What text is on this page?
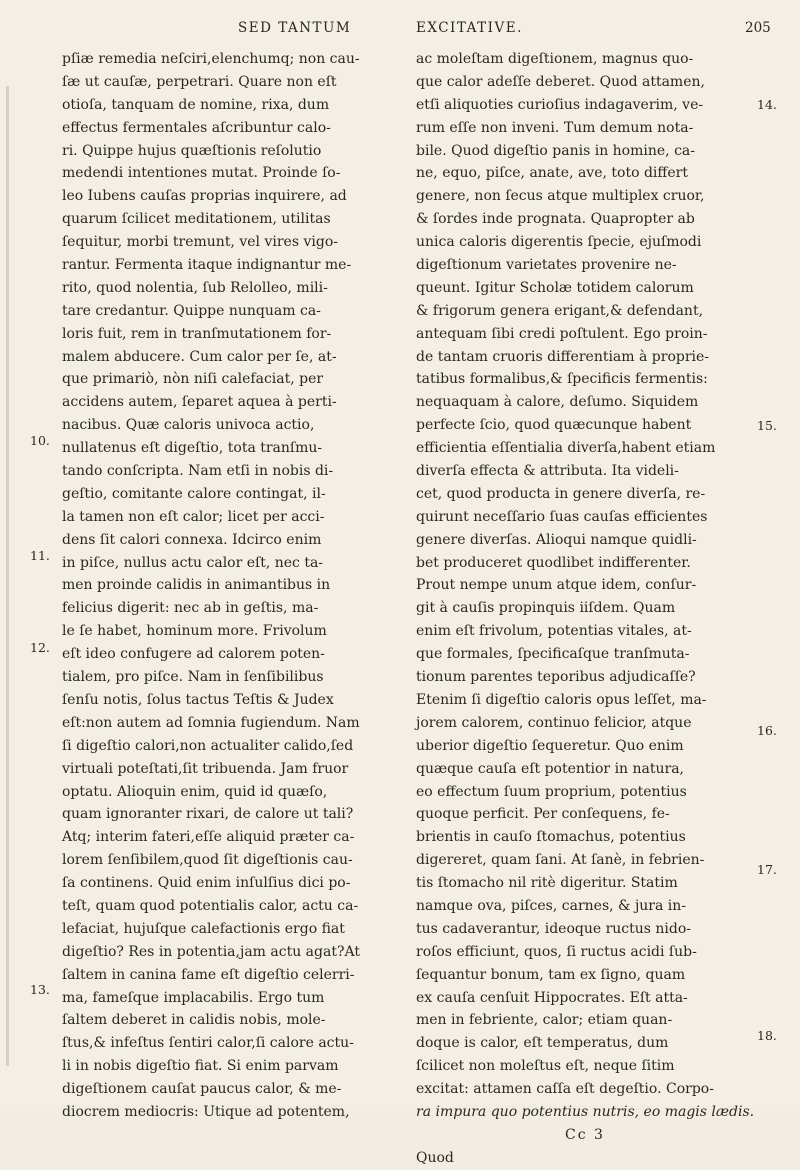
SED TANTUM	EXCITATIVE.	205
pſiæ remedia neſciri,elenchumq; non cau-
ſæ ut cauſæ, perpetrari. Quare non eſt
otioſa, tanquam de nomine, rixa, dum
effectus fermentales aſcribuntur calo-
ri. Quippe hujus quæſtionis reſolutio
medendi intentiones mutat. Proinde ſo-
leo Iubens cauſas proprias inquirere, ad
quarum ſcilicet meditationem, utilitas
ſequitur, morbi tremunt, vel vires vigo-
rantur. Fermenta itaque indignantur me-
rito, quod nolentia, ſub Relolleo, mili-
tare credantur. Quippe nunquam ca-
loris fuit, rem in tranſmutationem for-
malem abducere. Cum calor per ſe, at-
que primariò, nòn niſi calefaciat, per
accidens autem, ſeparet aquea à perti-
nacibus. Quæ caloris univoca actio,
nullatenus eſt digeſtio, tota tranſmu-
tando conſcripta. Nam etſi in nobis di-
geſtio, comitante calore contingat, il-
la tamen non eſt calor; licet per acci-
dens ſit calori connexa. Idcirco enim
in piſce, nullus actu calor eſt, nec ta-
men proinde calidis in animantibus in
felicius digerit: nec ab in geſtis, ma-
le ſe habet, hominum more. Frivolum
eſt ideo confugere ad calorem poten-
tialem, pro piſce. Nam in ſenſibilibus
ſenſu notis, ſolus tactus Teſtis & Judex
eſt:non autem ad ſomnia fugiendum. Nam
ſi digeſtio calori,non actualiter calido,ſed
virtuali poteſtati,ſit tribuenda. Jam fruor
optatu. Alioquin enim, quid id quæſo,
quam ignoranter rixari, de calore ut tali?
Atq; interim fateri,eſſe aliquid præter ca-
lorem ſenſibilem,quod ſit digeſtionis cau-
ſa continens. Quid enim inſulſius dici po-
teſt, quam quod potentialis calor, actu ca-
lefaciat, hujuſque calefactionis ergo fiat
digeſtio? Res in potentia,jam actu agat?At
ſaltem in canina fame eſt digeſtio celerri-
ma, fameſque implacabilis. Ergo tum
ſaltem deberet in calidis nobis, mole-
ſtus,& infeſtus ſentiri calor,ſi calore actu-
li in nobis digeſtio fiat. Si enim parvam
digeſtionem cauſat paucus calor, & me-
diocrem mediocris: Utique ad potentem,
ac moleſtam digeſtionem, magnus quo-
que calor adeſſe deberet. Quod attamen,
etſi aliquoties curioſius indagaverim, ve-
rum eſſe non inveni. Tum demum nota-
bile. Quod digeſtio panis in homine, ca-
ne, equo, piſce, anate, ave, toto differt
genere, non ſecus atque multiplex cruor,
& ſordes inde prognata. Quapropter ab
unica caloris digerentis ſpecie, ejuſmodi
digeſtionum varietates provenire ne-
queunt. Igitur Scholæ totidem calorum
& frigorum genera erigant,& defendant,
antequam ſibi credi poſtulent. Ego proin-
de tantam cruoris differentiam à proprie-
tatibus formalibus,& ſpecificis fermentis:
nequaquam à calore, deſumo. Siquidem
perfecte ſcio, quod quæcunque habent
efficientia eſſentialia diverſa,habent etiam
diverſa effecta & attributa. Ita videli-
cet, quod producta in genere diverſa, re-
quirunt neceſſario ſuas cauſas efficientes
genere diverſas. Alioqui namque quidli-
bet produceret quodlibet indifferenter.
Prout nempe unum atque idem, conſur-
git à cauſis propinquis iiſdem. Quam
enim eſt frivolum, potentias vitales, at-
que formales, ſpecificaſque tranſmuta-
tionum parentes teporibus adjudicaſſe?
Etenim ſi digeſtio caloris opus leſſet, ma-
jorem calorem, continuo felicior, atque
uberior digeſtio ſequeretur. Quo enim
quæque cauſa eſt potentior in natura,
eo effectum ſuum proprium, potentius
quoque perficit. Per conſequens, fe-
brientis in cauſo ſtomachus, potentius
digereret, quam ſani. At ſanè, in febrien-
tis ſtomacho nil ritè digeritur. Statim
namque ova, piſces, carnes, & jura in-
tus cadaverantur, ideoque ructus nido-
roſos efficiunt, quos, ſi ructus acidi ſub-
ſequantur bonum, tam ex ſigno, quam
ex cauſa cenſuit Hippocrates. Eſt atta-
men in febriente, calor; etiam quan-
doque is calor, eſt temperatus, dum
ſcilicet non moleſtus eſt, neque ſitim
excitat: attamen caſſa eſt degeſtio. Corpo-
ra impura quo potentius nutris, eo magis lædis.
Cc 3
Quod
10.
11.
12.
13.
14.
15.
16.
17.
18.
